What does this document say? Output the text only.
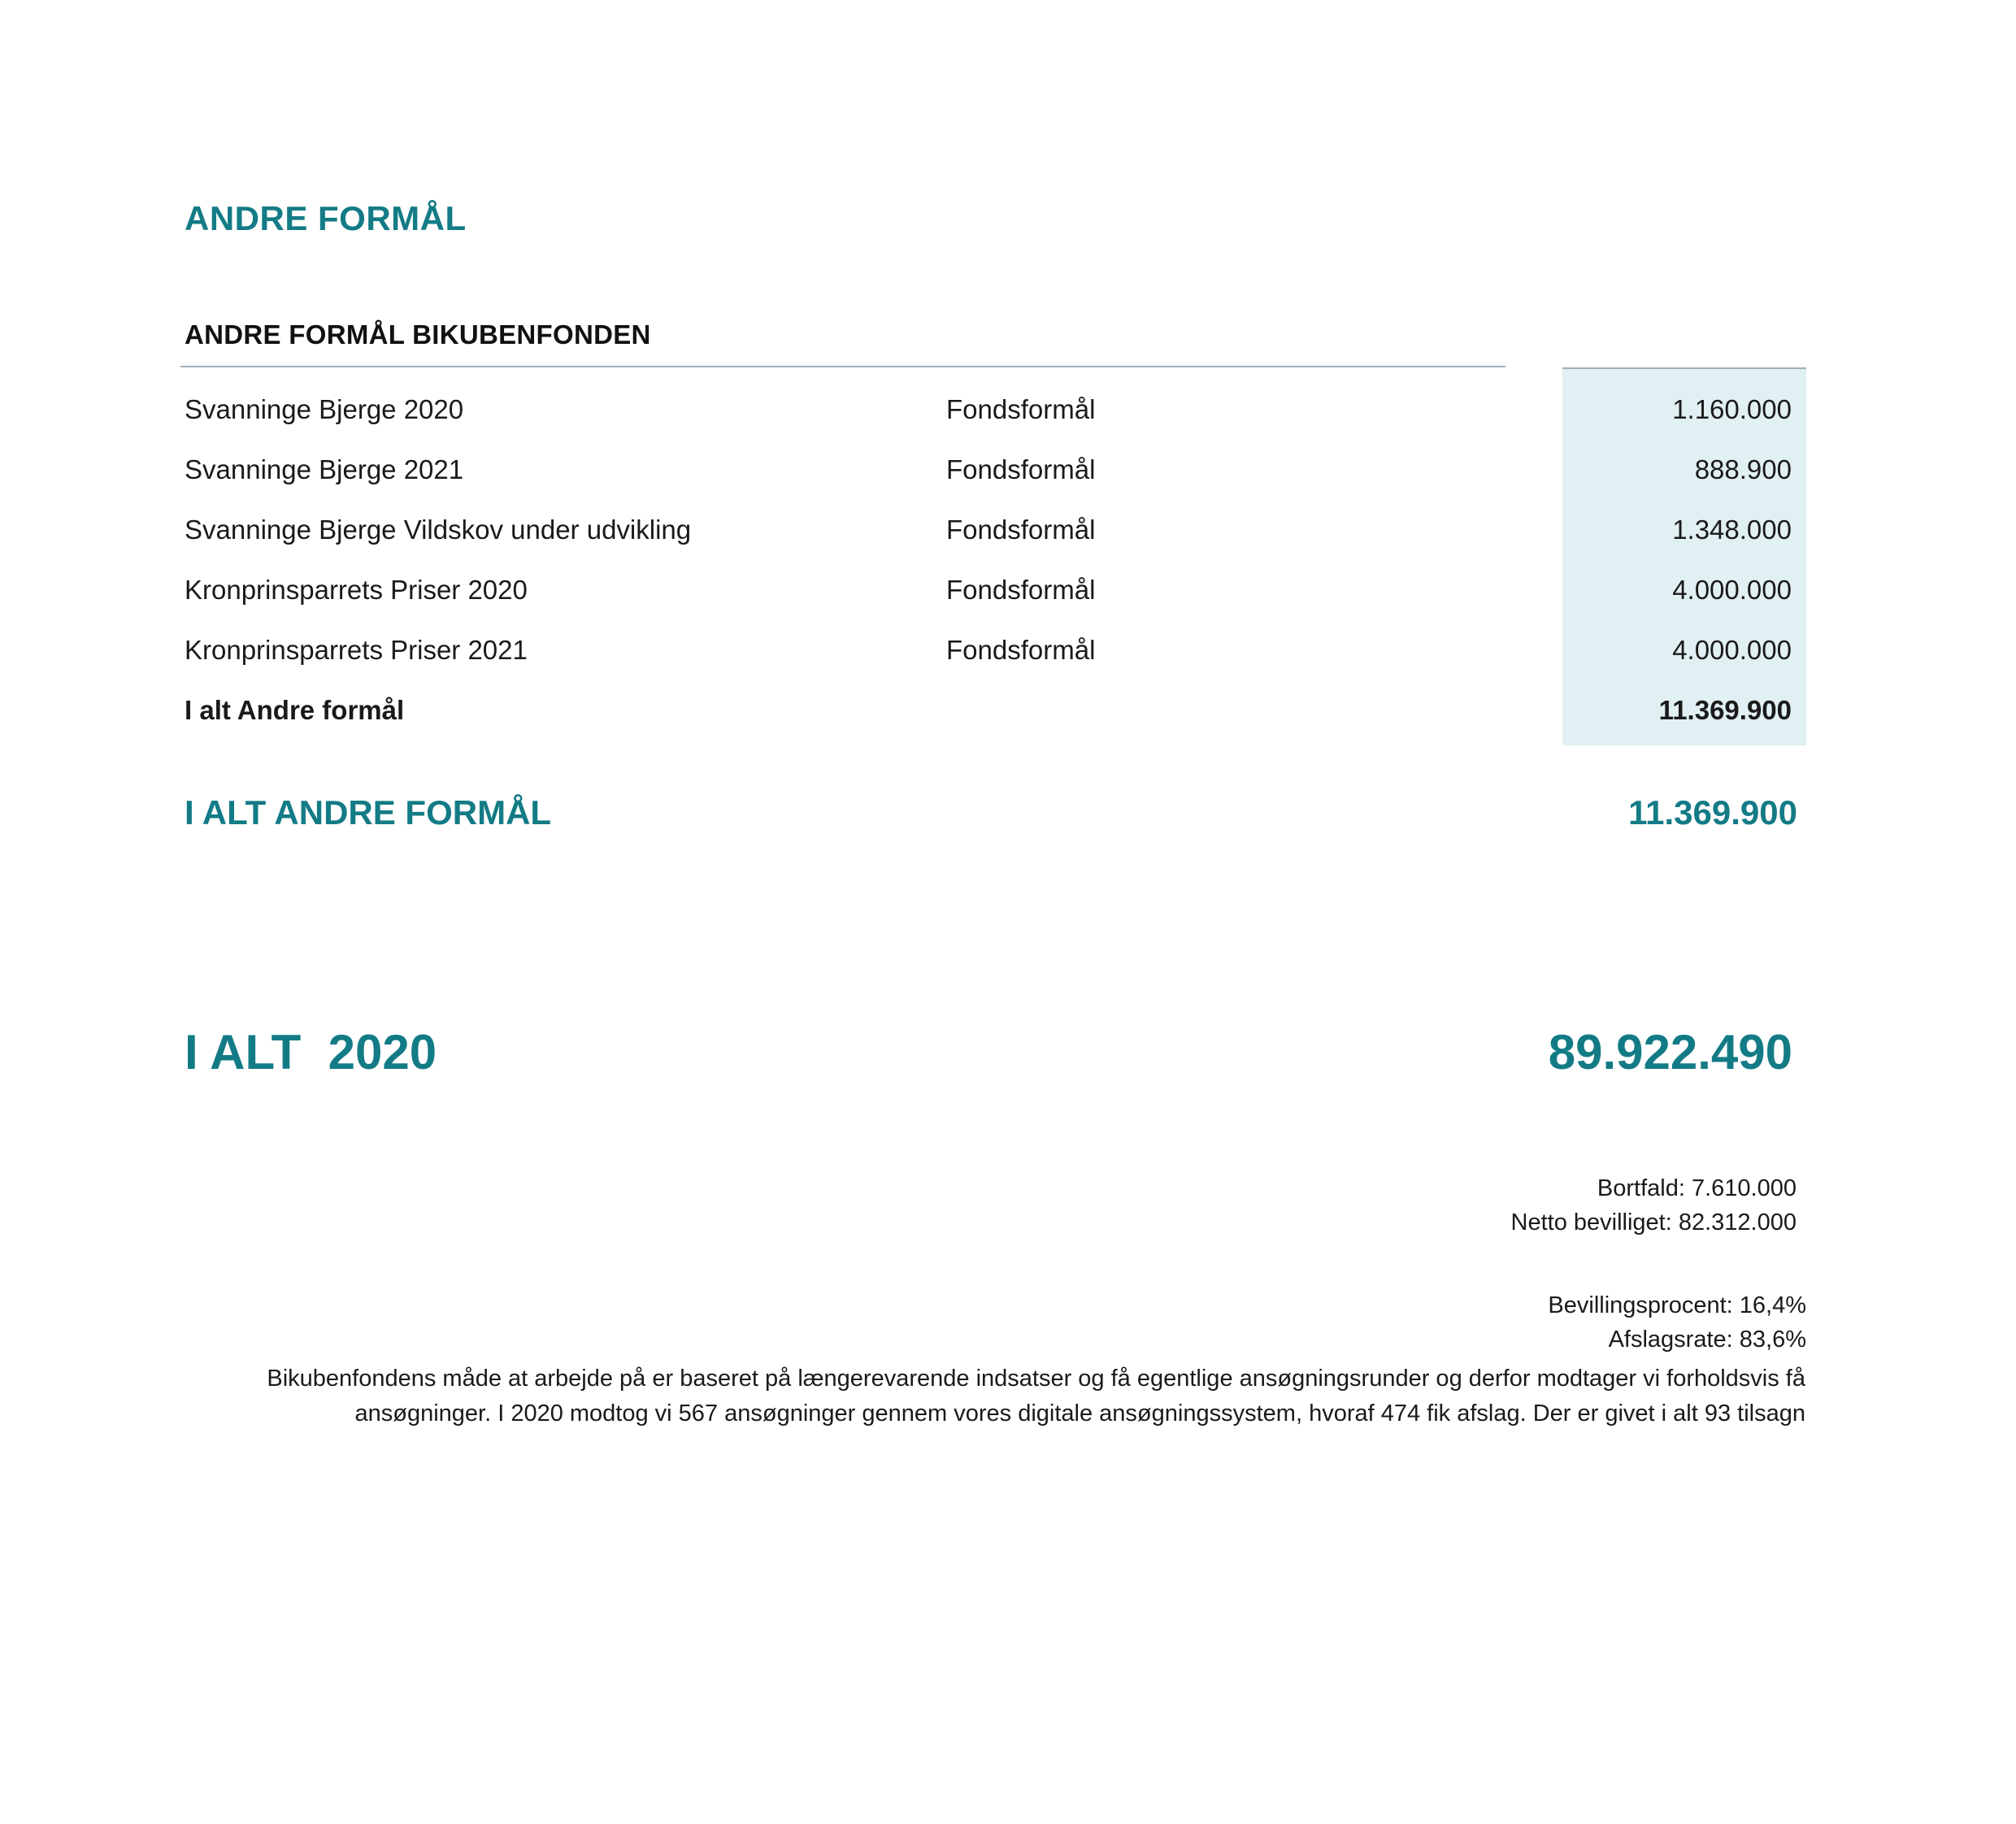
ANDRE FORMÅL
ANDRE FORMÅL BIKUBENFONDEN
Svanninge Bjerge 2020	Fondsformål	1.160.000
Svanninge Bjerge 2021	Fondsformål	888.900
Svanninge Bjerge Vildskov under udvikling	Fondsformål	1.348.000
Kronprinsparrets Priser 2020	Fondsformål	4.000.000
Kronprinsparrets Priser 2021	Fondsformål	4.000.000
I alt Andre formål	11.369.900
I ALT ANDRE FORMÅL	11.369.900
I ALT  2020	89.922.490
Bortfald: 7.610.000
Netto bevilliget: 82.312.000
Bevillingsprocent: 16,4%
Afslagsrate: 83,6%
Bikubenfondens måde at arbejde på er baseret på længerevarende indsatser og få egentlige ansøgningsrunder og derfor modtager vi forholdsvis få ansøgninger. I 2020 modtog vi 567 ansøgninger gennem vores digitale ansøgningssystem, hvoraf 474 fik afslag. Der er givet i alt 93 tilsagn
